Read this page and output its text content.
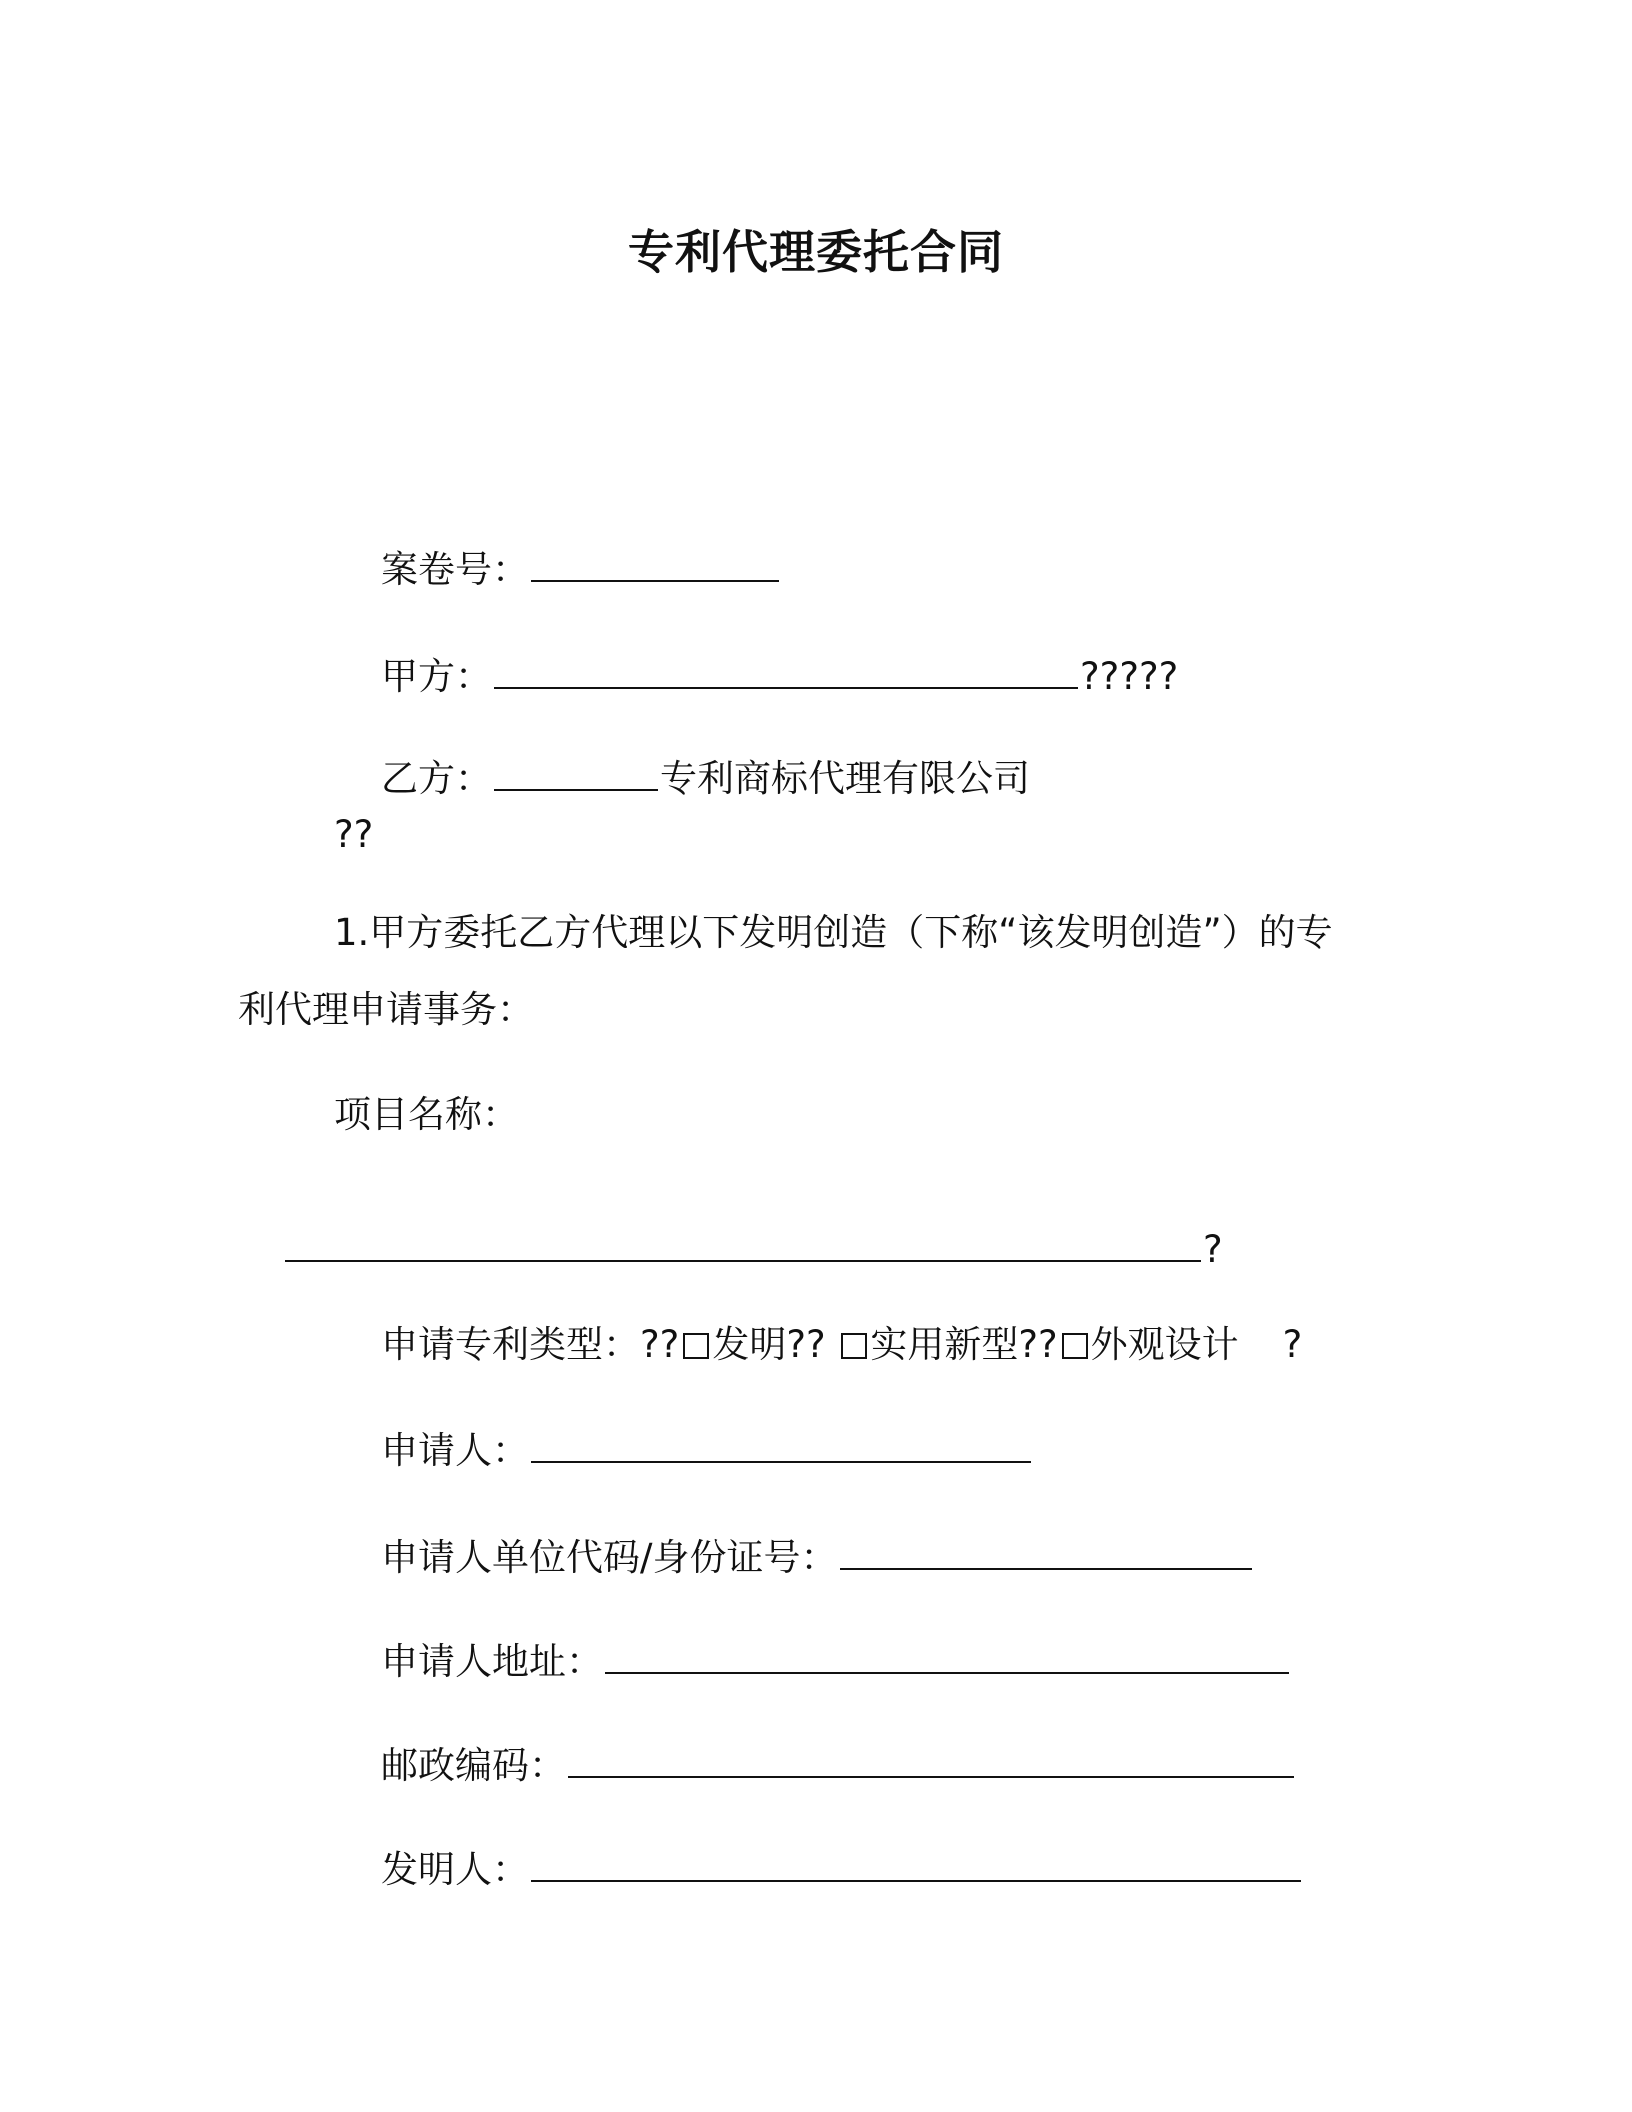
专利代理委托合同

案卷号：

甲方：	?????

乙方：	专利商标代理有限公司

??
1.甲方委托乙方代理以下发明创造（下称“该发明创造”）的专
利代理申请事务：
项目名称：

?

申请专利类型：?? 发明?? 实用新型?? 外观设计 ?

申请人：

申请人单位代码/身份证号：

申请人地址：

邮政编码：

发明人：
